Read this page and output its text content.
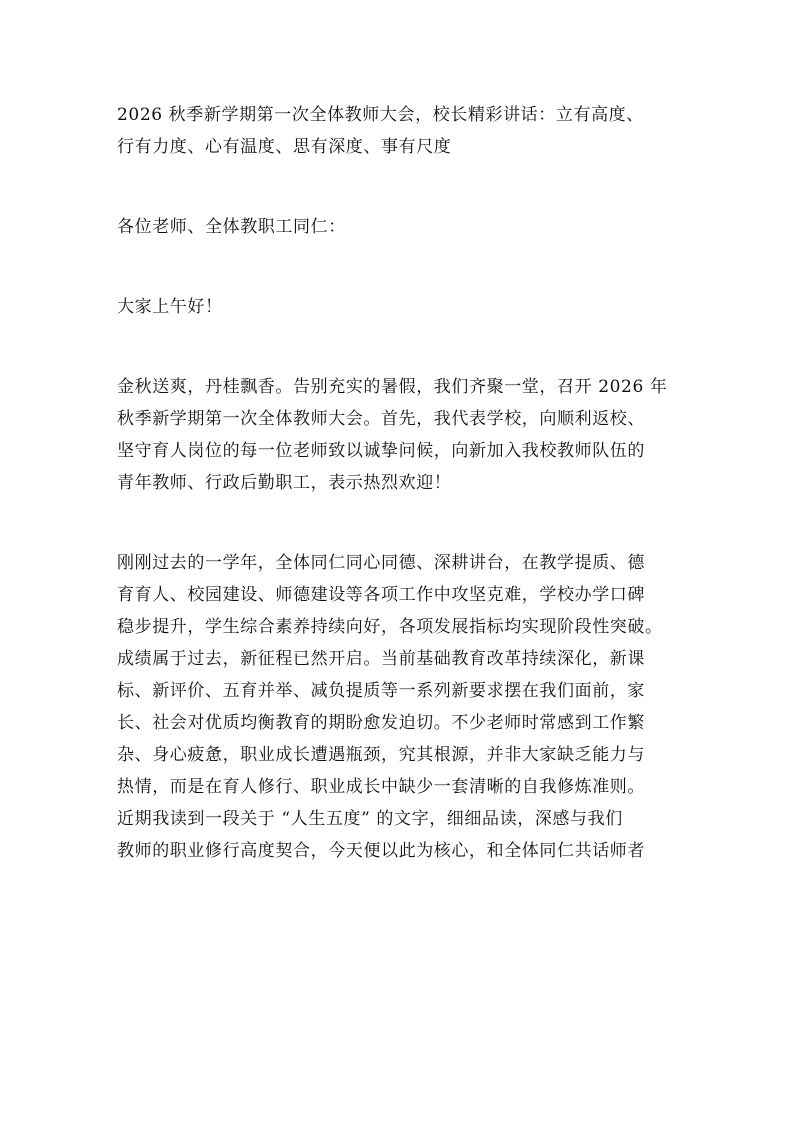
2026 秋季新学期第一次全体教师大会，校长精彩讲话：立有高度、
行有力度、心有温度、思有深度、事有尺度
各位老师、全体教职工同仁：
大家上午好！
金秋送爽，丹桂飘香。告别充实的暑假，我们齐聚一堂，召开 2026 年
秋季新学期第一次全体教师大会。首先，我代表学校，向顺利返校、
坚守育人岗位的每一位老师致以诚挚问候，向新加入我校教师队伍的
青年教师、行政后勤职工，表示热烈欢迎！
刚刚过去的一学年，全体同仁同心同德、深耕讲台，在教学提质、德
育育人、校园建设、师德建设等各项工作中攻坚克难，学校办学口碑
稳步提升，学生综合素养持续向好，各项发展指标均实现阶段性突破。
成绩属于过去，新征程已然开启。当前基础教育改革持续深化，新课
标、新评价、五育并举、减负提质等一系列新要求摆在我们面前，家
长、社会对优质均衡教育的期盼愈发迫切。不少老师时常感到工作繁
杂、身心疲惫，职业成长遭遇瓶颈，究其根源，并非大家缺乏能力与
热情，而是在育人修行、职业成长中缺少一套清晰的自我修炼准则。
近期我读到一段关于 “人生五度” 的文字，细细品读，深感与我们
教师的职业修行高度契合，今天便以此为核心，和全体同仁共话师者
